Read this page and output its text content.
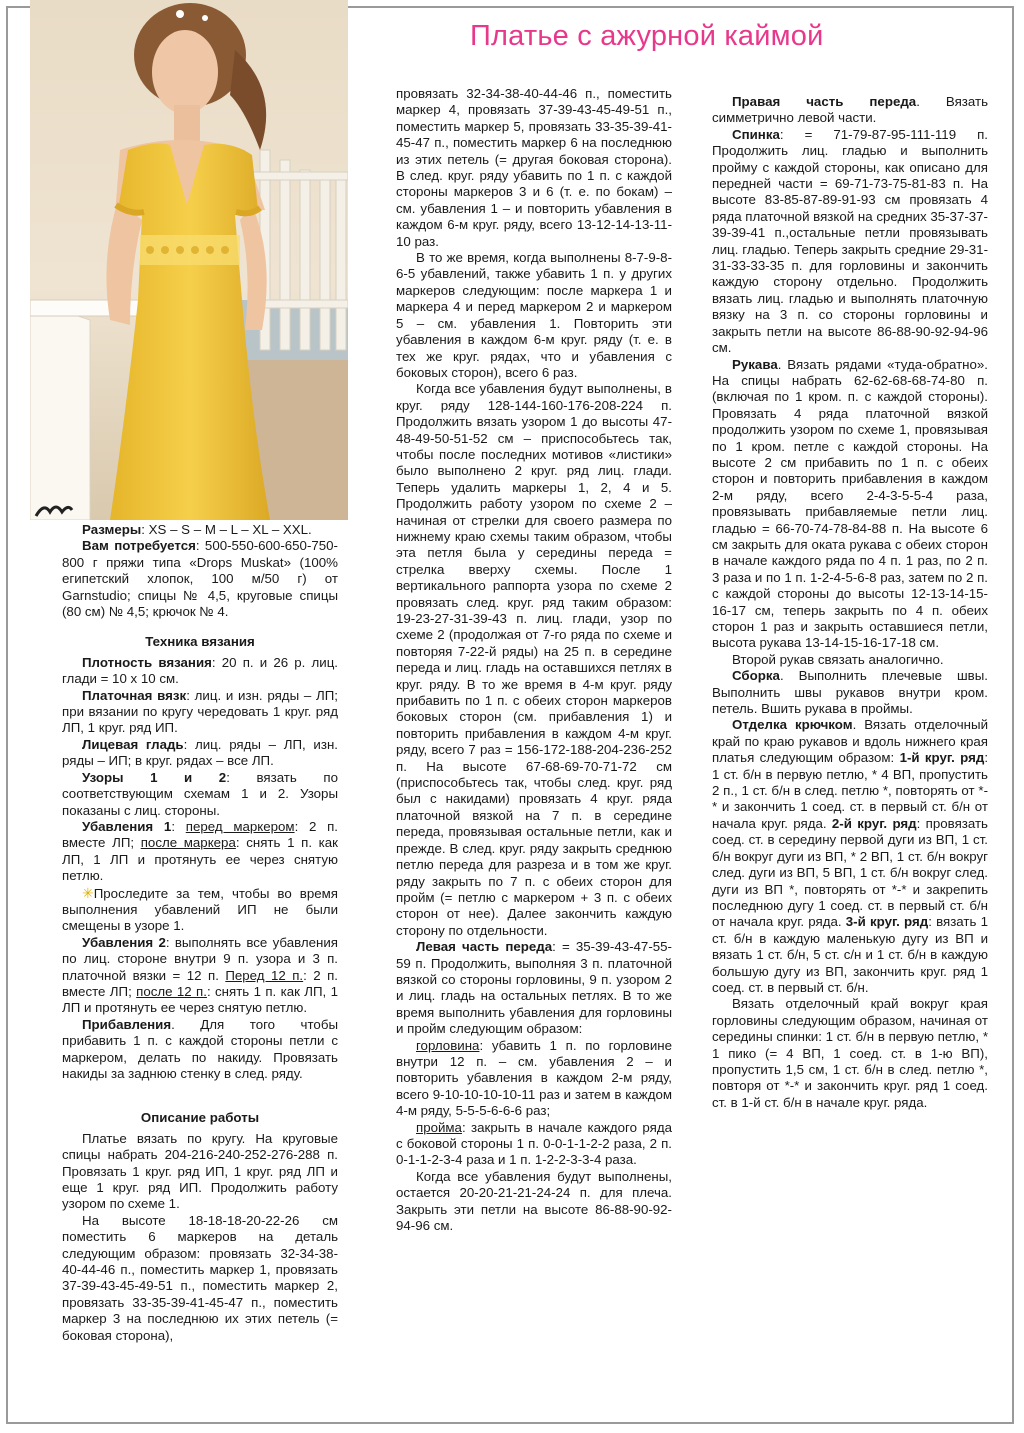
Платье с ажурной каймой

Размеры: XS – S – M – L – XL – XXL.

Вам потребуется: 500-550-600-650-750-800 г пряжи типа «Drops Muskat» (100% египетский хлопок, 100 м/50 г) от Garnstudio; спицы № 4,5, круговые спицы (80 см) № 4,5; крючок № 4.

Техника вязания

Плотность вязания: 20 п. и 26 р. лиц. глади = 10 х 10 см.

Платочная вязк: лиц. и изн. ряды – ЛП; при вязании по кругу чередовать 1 круг. ряд ЛП, 1 круг. ряд ИП.

Лицевая гладь: лиц. ряды – ЛП, изн. ряды – ИП; в круг. рядах – все ЛП.

Узоры 1 и 2: вязать по соответствующим схемам 1 и 2. Узоры показаны с лиц. стороны.

Убавления 1: перед маркером: 2 п. вместе ЛП; после маркера: снять 1 п. как ЛП, 1 ЛП и протянуть ее через снятую петлю.

✳Проследите за тем, чтобы во время выполнения убавлений ИП не были смещены в узоре 1.

Убавления 2: выполнять все убавления по лиц. стороне внутри 9 п. узора и 3 п. платочной вязки = 12 п. Перед 12 п.: 2 п. вместе ЛП; после 12 п.: снять 1 п. как ЛП, 1 ЛП и протянуть ее через снятую петлю.

Прибавления. Для того чтобы прибавить 1 п. с каждой стороны петли с маркером, делать по накиду. Провязать накиды за заднюю стенку в след. ряду.

Описание работы

Платье вязать по кругу. На круговые спицы набрать 204-216-240-252-276-288 п. Провязать 1 круг. ряд ИП, 1 круг. ряд ЛП и еще 1 круг. ряд ИП. Продолжить работу узором по схеме 1.

На высоте 18-18-18-20-22-26 см поместить 6 маркеров на деталь следующим образом: провязать 32-34-38-40-44-46 п., поместить маркер 1, провязать 37-39-43-45-49-51 п., поместить маркер 2, провязать 33-35-39-41-45-47 п., поместить маркер 3 на последнюю их этих петель (= боковая сторона),

провязать 32-34-38-40-44-46 п., поместить маркер 4, провязать 37-39-43-45-49-51 п., поместить маркер 5, провязать 33-35-39-41-45-47 п., поместить маркер 6 на последнюю из этих петель (= другая боковая сторона). В след. круг. ряду убавить по 1 п. с каждой стороны маркеров 3 и 6 (т. е. по бокам) – см. убавления 1 – и повторить убавления в каждом 6-м круг. ряду, всего 13-12-14-13-11-10 раз.

В то же время, когда выполнены 8-7-9-8-6-5 убавлений, также убавить 1 п. у других маркеров следующим: после маркера 1 и маркера 4 и перед маркером 2 и маркером 5 – см. убавления 1. Повторить эти убавления в каждом 6-м круг. ряду (т. е. в тех же круг. рядах, что и убавления с боковых сторон), всего 6 раз.

Когда все убавления будут выполнены, в круг. ряду 128-144-160-176-208-224 п. Продолжить вязать узором 1 до высоты 47-48-49-50-51-52 см – приспособьтесь так, чтобы после последних мотивов «листики» было выполнено 2 круг. ряд лиц. глади. Теперь удалить маркеры 1, 2, 4 и 5. Продолжить работу узором по схеме 2 – начиная от стрелки для своего размера по нижнему краю схемы таким образом, чтобы эта петля была у середины переда = стрелка вверху схемы. После 1 вертикального раппорта узора по схеме 2 провязать след. круг. ряд таким образом: 19-23-27-31-39-43 п. лиц. глади, узор по схеме 2 (продолжая от 7-го ряда по схеме и повторяя 7-22-й ряды) на 25 п. в середине переда и лиц. гладь на оставшихся петлях в круг. ряду. В то же время в 4-м круг. ряду прибавить по 1 п. с обеих сторон маркеров боковых сторон (см. прибавления 1) и повторить прибавления в каждом 4-м круг. ряду, всего 7 раз = 156-172-188-204-236-252 п. На высоте 67-68-69-70-71-72 см (приспособьтесь так, чтобы след. круг. ряд был с накидами) провязать 4 круг. ряда платочной вязкой на 7 п. в середине переда, провязывая остальные петли, как и прежде. В след. круг. ряду закрыть среднюю петлю переда для разреза и в том же круг. ряду закрыть по 7 п. с обеих сторон для пройм (= петлю с маркером + 3 п. с обеих сторон от нее). Далее закончить каждую сторону по отдельности.

Левая часть переда: = 35-39-43-47-55-59 п. Продолжить, выполняя 3 п. платочной вязкой со стороны горловины, 9 п. узором 2 и лиц. гладь на остальных петлях. В то же время выполнить убавления для горловины и пройм следующим образом:

горловина: убавить 1 п. по горловине внутри 12 п. – см. убавления 2 – и повторить убавления в каждом 2-м ряду, всего 9-10-10-10-10-11 раз и затем в каждом 4-м ряду, 5-5-5-6-6-6 раз;

пройма: закрыть в начале каждого ряда с боковой стороны 1 п. 0-0-1-1-2-2 раза, 2 п. 0-1-1-2-3-4 раза и 1 п. 1-2-2-3-3-4 раза.

Когда все убавления будут выполнены, остается 20-20-21-21-24-24 п. для плеча. Закрыть эти петли на высоте 86-88-90-92-94-96 см.

Правая часть переда. Вязать симметрично левой части.

Спинка: = 71-79-87-95-111-119 п. Продолжить лиц. гладью и выполнить пройму с каждой стороны, как описано для передней части = 69-71-73-75-81-83 п. На высоте 83-85-87-89-91-93 см провязать 4 ряда платочной вязкой на средних 35-37-37-39-39-41 п.,остальные петли провязывать лиц. гладью. Теперь закрыть средние 29-31-31-33-33-35 п. для горловины и закончить каждую сторону отдельно. Продолжить вязать лиц. гладью и выполнять платочную вязку на 3 п. со стороны горловины и закрыть петли на высоте 86-88-90-92-94-96 см.

Рукава. Вязать рядами «туда-обратно». На спицы набрать 62-62-68-68-74-80 п. (включая по 1 кром. п. с каждой стороны). Провязать 4 ряда платочной вязкой продолжить узором по схеме 1, провязывая по 1 кром. петле с каждой стороны. На высоте 2 см прибавить по 1 п. с обеих сторон и повторить прибавления в каждом 2-м ряду, всего 2-4-3-5-5-4 раза, провязывать прибавляемые петли лиц. гладью = 66-70-74-78-84-88 п. На высоте 6 см закрыть для оката рукава с обеих сторон в начале каждого ряда по 4 п. 1 раз, по 2 п. 3 раза и по 1 п. 1-2-4-5-6-8 раз, затем по 2 п. с каждой стороны до высоты 12-13-14-15-16-17 см, теперь закрыть по 4 п. обеих сторон 1 раз и закрыть оставшиеся петли, высота рукава 13-14-15-16-17-18 см.

Второй рукав связать аналогично.

Сборка. Выполнить плечевые швы. Выполнить швы рукавов внутри кром. петель. Вшить рукава в проймы.

Отделка крючком. Вязать отделочный край по краю рукавов и вдоль нижнего края платья следующим образом: 1-й круг. ряд: 1 ст. б/н в первую петлю, * 4 ВП, пропустить 2 п., 1 ст. б/н в след. петлю *, повторять от *-* и закончить 1 соед. ст. в первый ст. б/н от начала круг. ряда. 2-й круг. ряд: провязать соед. ст. в середину первой дуги из ВП, 1 ст. б/н вокруг дуги из ВП, * 2 ВП, 1 ст. б/н вокруг след. дуги из ВП, 5 ВП, 1 ст. б/н вокруг след. дуги из ВП *, повторять от *-* и закрепить последнюю дугу 1 соед. ст. в первый ст. б/н от начала круг. ряда. 3-й круг. ряд: вязать 1 ст. б/н в каждую маленькую дугу из ВП и вязать 1 ст. б/н, 5 ст. с/н и 1 ст. б/н в каждую большую дугу из ВП, закончить круг. ряд 1 соед. ст. в первый ст. б/н.

Вязать отделочный край вокруг края горловины следующим образом, начиная от середины спинки: 1 ст. б/н в первую петлю, * 1 пико (= 4 ВП, 1 соед. ст. в 1-ю ВП), пропустить 1,5 см, 1 ст. б/н в след. петлю *, повторя от *-* и закончить круг. ряд 1 соед. ст. в 1-й ст. б/н в начале круг. ряда.
